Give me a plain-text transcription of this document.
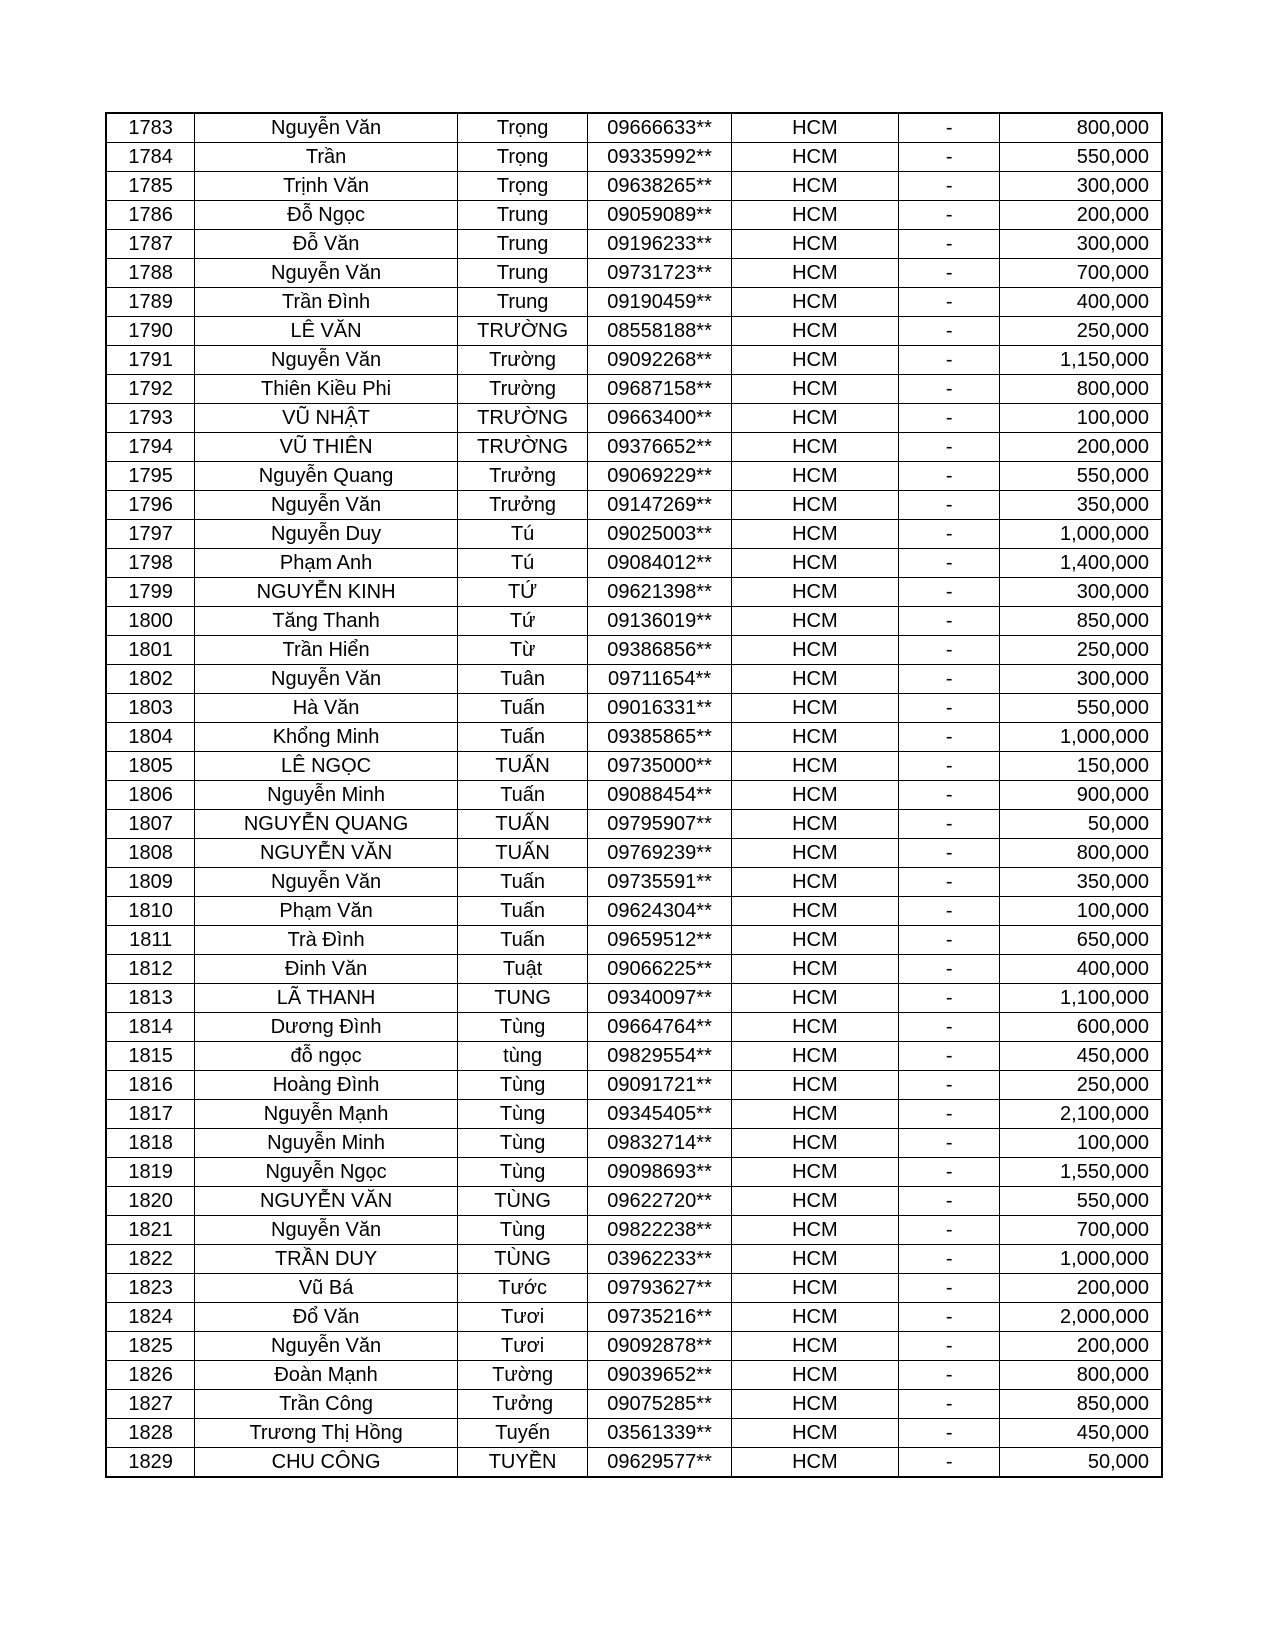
1783	Nguyễn Văn	Trọng	09666633**	HCM	-	800,000
1784	Trần	Trọng	09335992**	HCM	-	550,000
1785	Trịnh Văn	Trọng	09638265**	HCM	-	300,000
1786	Đỗ Ngọc	Trung	09059089**	HCM	-	200,000
1787	Đỗ Văn	Trung	09196233**	HCM	-	300,000
1788	Nguyễn Văn	Trung	09731723**	HCM	-	700,000
1789	Trần Đình	Trung	09190459**	HCM	-	400,000
1790	LÊ VĂN	TRƯỜNG	08558188**	HCM	-	250,000
1791	Nguyễn Văn	Trường	09092268**	HCM	-	1,150,000
1792	Thiên Kiều Phi	Trường	09687158**	HCM	-	800,000
1793	VŨ NHẬT	TRƯỜNG	09663400**	HCM	-	100,000
1794	VŨ THIÊN	TRƯỜNG	09376652**	HCM	-	200,000
1795	Nguyễn Quang	Trưởng	09069229**	HCM	-	550,000
1796	Nguyễn Văn	Trưởng	09147269**	HCM	-	350,000
1797	Nguyễn Duy	Tú	09025003**	HCM	-	1,000,000
1798	Phạm Anh	Tú	09084012**	HCM	-	1,400,000
1799	NGUYỄN KINH	TỨ	09621398**	HCM	-	300,000
1800	Tăng Thanh	Tứ	09136019**	HCM	-	850,000
1801	Trần Hiển	Từ	09386856**	HCM	-	250,000
1802	Nguyễn Văn	Tuân	09711654**	HCM	-	300,000
1803	Hà Văn	Tuấn	09016331**	HCM	-	550,000
1804	Khổng Minh	Tuấn	09385865**	HCM	-	1,000,000
1805	LÊ NGỌC	TUẤN	09735000**	HCM	-	150,000
1806	Nguyễn Minh	Tuấn	09088454**	HCM	-	900,000
1807	NGUYỄN QUANG	TUẤN	09795907**	HCM	-	50,000
1808	NGUYỄN VĂN	TUẤN	09769239**	HCM	-	800,000
1809	Nguyễn Văn	Tuấn	09735591**	HCM	-	350,000
1810	Phạm Văn	Tuấn	09624304**	HCM	-	100,000
1811	Trà Đình	Tuấn	09659512**	HCM	-	650,000
1812	Đinh Văn	Tuật	09066225**	HCM	-	400,000
1813	LÃ THANH	TUNG	09340097**	HCM	-	1,100,000
1814	Dương Đình	Tùng	09664764**	HCM	-	600,000
1815	đỗ ngọc	tùng	09829554**	HCM	-	450,000
1816	Hoàng Đình	Tùng	09091721**	HCM	-	250,000
1817	Nguyễn Mạnh	Tùng	09345405**	HCM	-	2,100,000
1818	Nguyễn Minh	Tùng	09832714**	HCM	-	100,000
1819	Nguyễn Ngọc	Tùng	09098693**	HCM	-	1,550,000
1820	NGUYỄN VĂN	TÙNG	09622720**	HCM	-	550,000
1821	Nguyễn Văn	Tùng	09822238**	HCM	-	700,000
1822	TRẦN DUY	TÙNG	03962233**	HCM	-	1,000,000
1823	Vũ Bá	Tước	09793627**	HCM	-	200,000
1824	Đổ Văn	Tươi	09735216**	HCM	-	2,000,000
1825	Nguyễn Văn	Tươi	09092878**	HCM	-	200,000
1826	Đoàn Mạnh	Tường	09039652**	HCM	-	800,000
1827	Trần Công	Tưởng	09075285**	HCM	-	850,000
1828	Trương Thị Hồng	Tuyến	03561339**	HCM	-	450,000
1829	CHU CÔNG	TUYỀN	09629577**	HCM	-	50,000
